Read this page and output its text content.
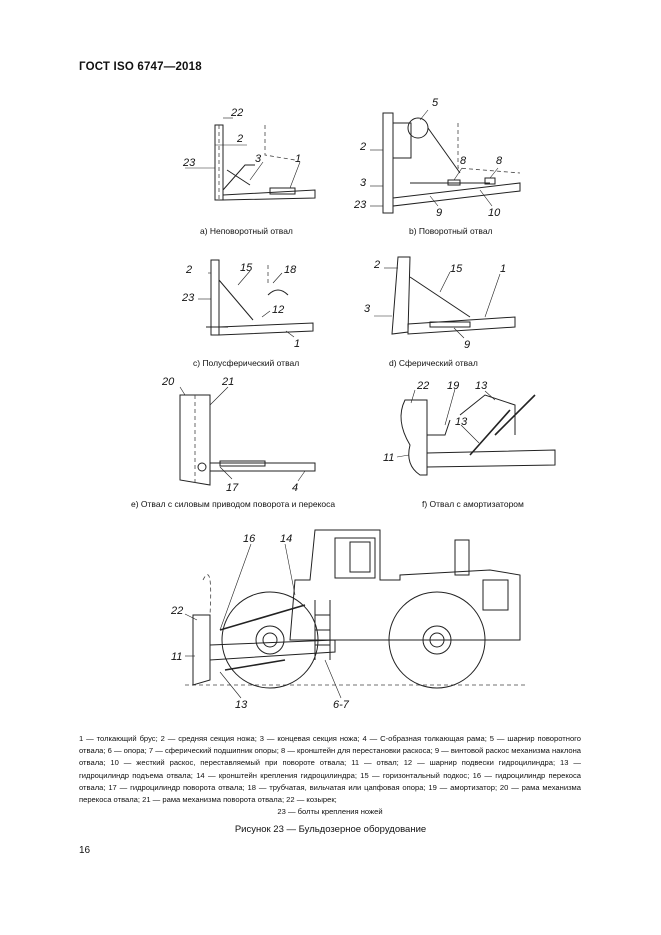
ГОСТ ISO 6747—2018
22
2
23	3	1
а) Неповоротный отвал
5
2
3
23
8	8
9	10
b) Поворотный отвал
2	15	18
23
12
1
с) Полусферический отвал
2	15	1
3
9
d) Сферический отвал
20	21
17	4
е) Отвал с силовым приводом поворота и перекоса
22 19 13
13
11
f) Отвал с амортизатором
16 14
22
11
13	6-7
1 — толкающий брус; 2 — средняя секция ножа; 3 — концевая секция ножа; 4 — С-образная толкающая рама; 5 — шарнир поворотного отвала; 6 — опора; 7 — сферический подшипник опоры; 8 — кронштейн для перестановки раскоса; 9 — винтовой раскос механизма наклона отвала; 10 — жесткий раскос, переставляемый при повороте отвала; 11 — отвал; 12 — шарнир подвески гидроцилиндра; 13 — гидроцилиндр подъема отвала; 14 — кронштейн крепления гидроцилиндра; 15 — горизонтальный подкос; 16 — гидроцилиндр перекоса отвала; 17 — гидроцилиндр поворота отвала; 18 — трубчатая, вильчатая или цапфовая опора; 19 — амортизатор; 20 — рама механизма перекоса отвала; 21 — рама механизма поворота отвала; 22 — козырек;
23 — болты крепления ножей
Рисунок 23 — Бульдозерное оборудование
16
